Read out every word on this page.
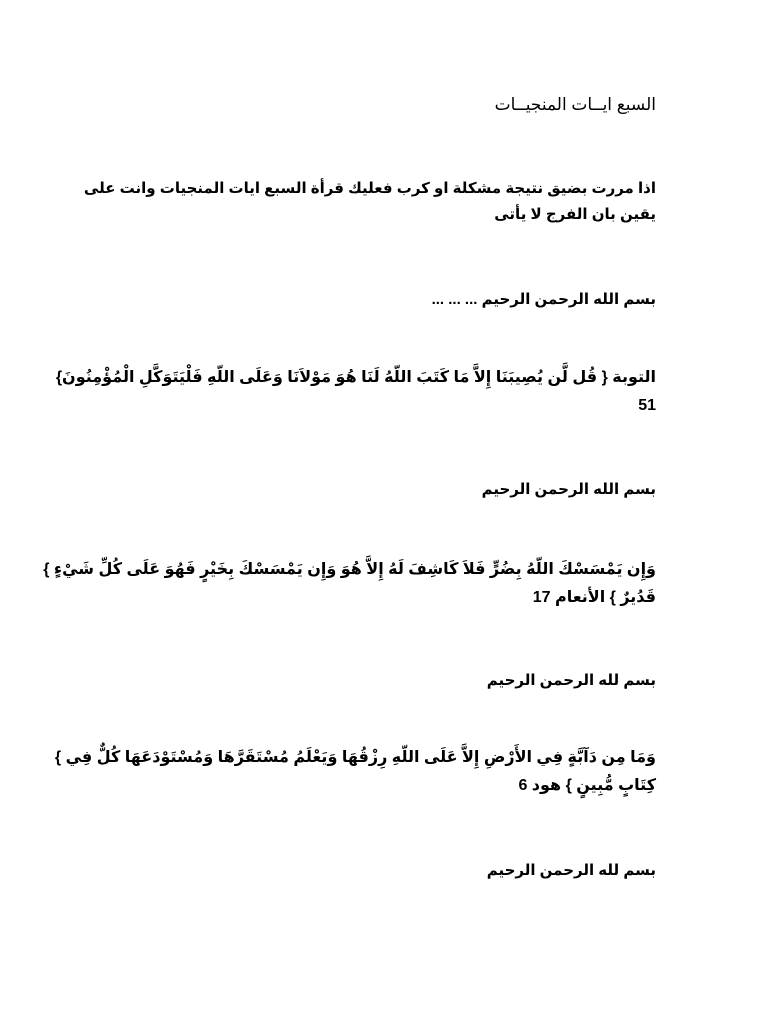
السبع ايــات المنجيــات
اذا مررت بضيق نتيجة مشكلة او كرب فعليك قرأة السبع ايات المنجيات وانت على
يقين بان الفرج لا يأتى
بسم الله الرحمن الرحيم ... ... ...
التوبة { قُل لَّن يُصِيبَنَا إِلاَّ مَا كَتَبَ اللّهُ لَنَا هُوَ مَوْلاَنَا وَعَلَى اللّهِ فَلْيَتَوَكَّلِ الْمُؤْمِنُونَ}
51
بسم الله الرحمن الرحيم
وَإِن يَمْسَسْكَ اللّهُ بِضُرٍّ فَلاَ كَاشِفَ لَهُ إِلاَّ هُوَ وَإِن يَمْسَسْكَ بِخَيْرٍ فَهُوَ عَلَى كُلِّ شَيْءٍ }
قَدُيرٌ } الأنعام 17
بسم لله الرحمن الرحيم
وَمَا مِن دَآبَّةٍ فِي الأَرْضِ إِلاَّ عَلَى اللّهِ رِزْقُهَا وَيَعْلَمُ مُسْتَقَرَّهَا وَمُسْتَوْدَعَهَا كُلٌّ فِي }
كِتَابٍ مُّبِينٍ } هود 6
بسم لله الرحمن الرحيم
